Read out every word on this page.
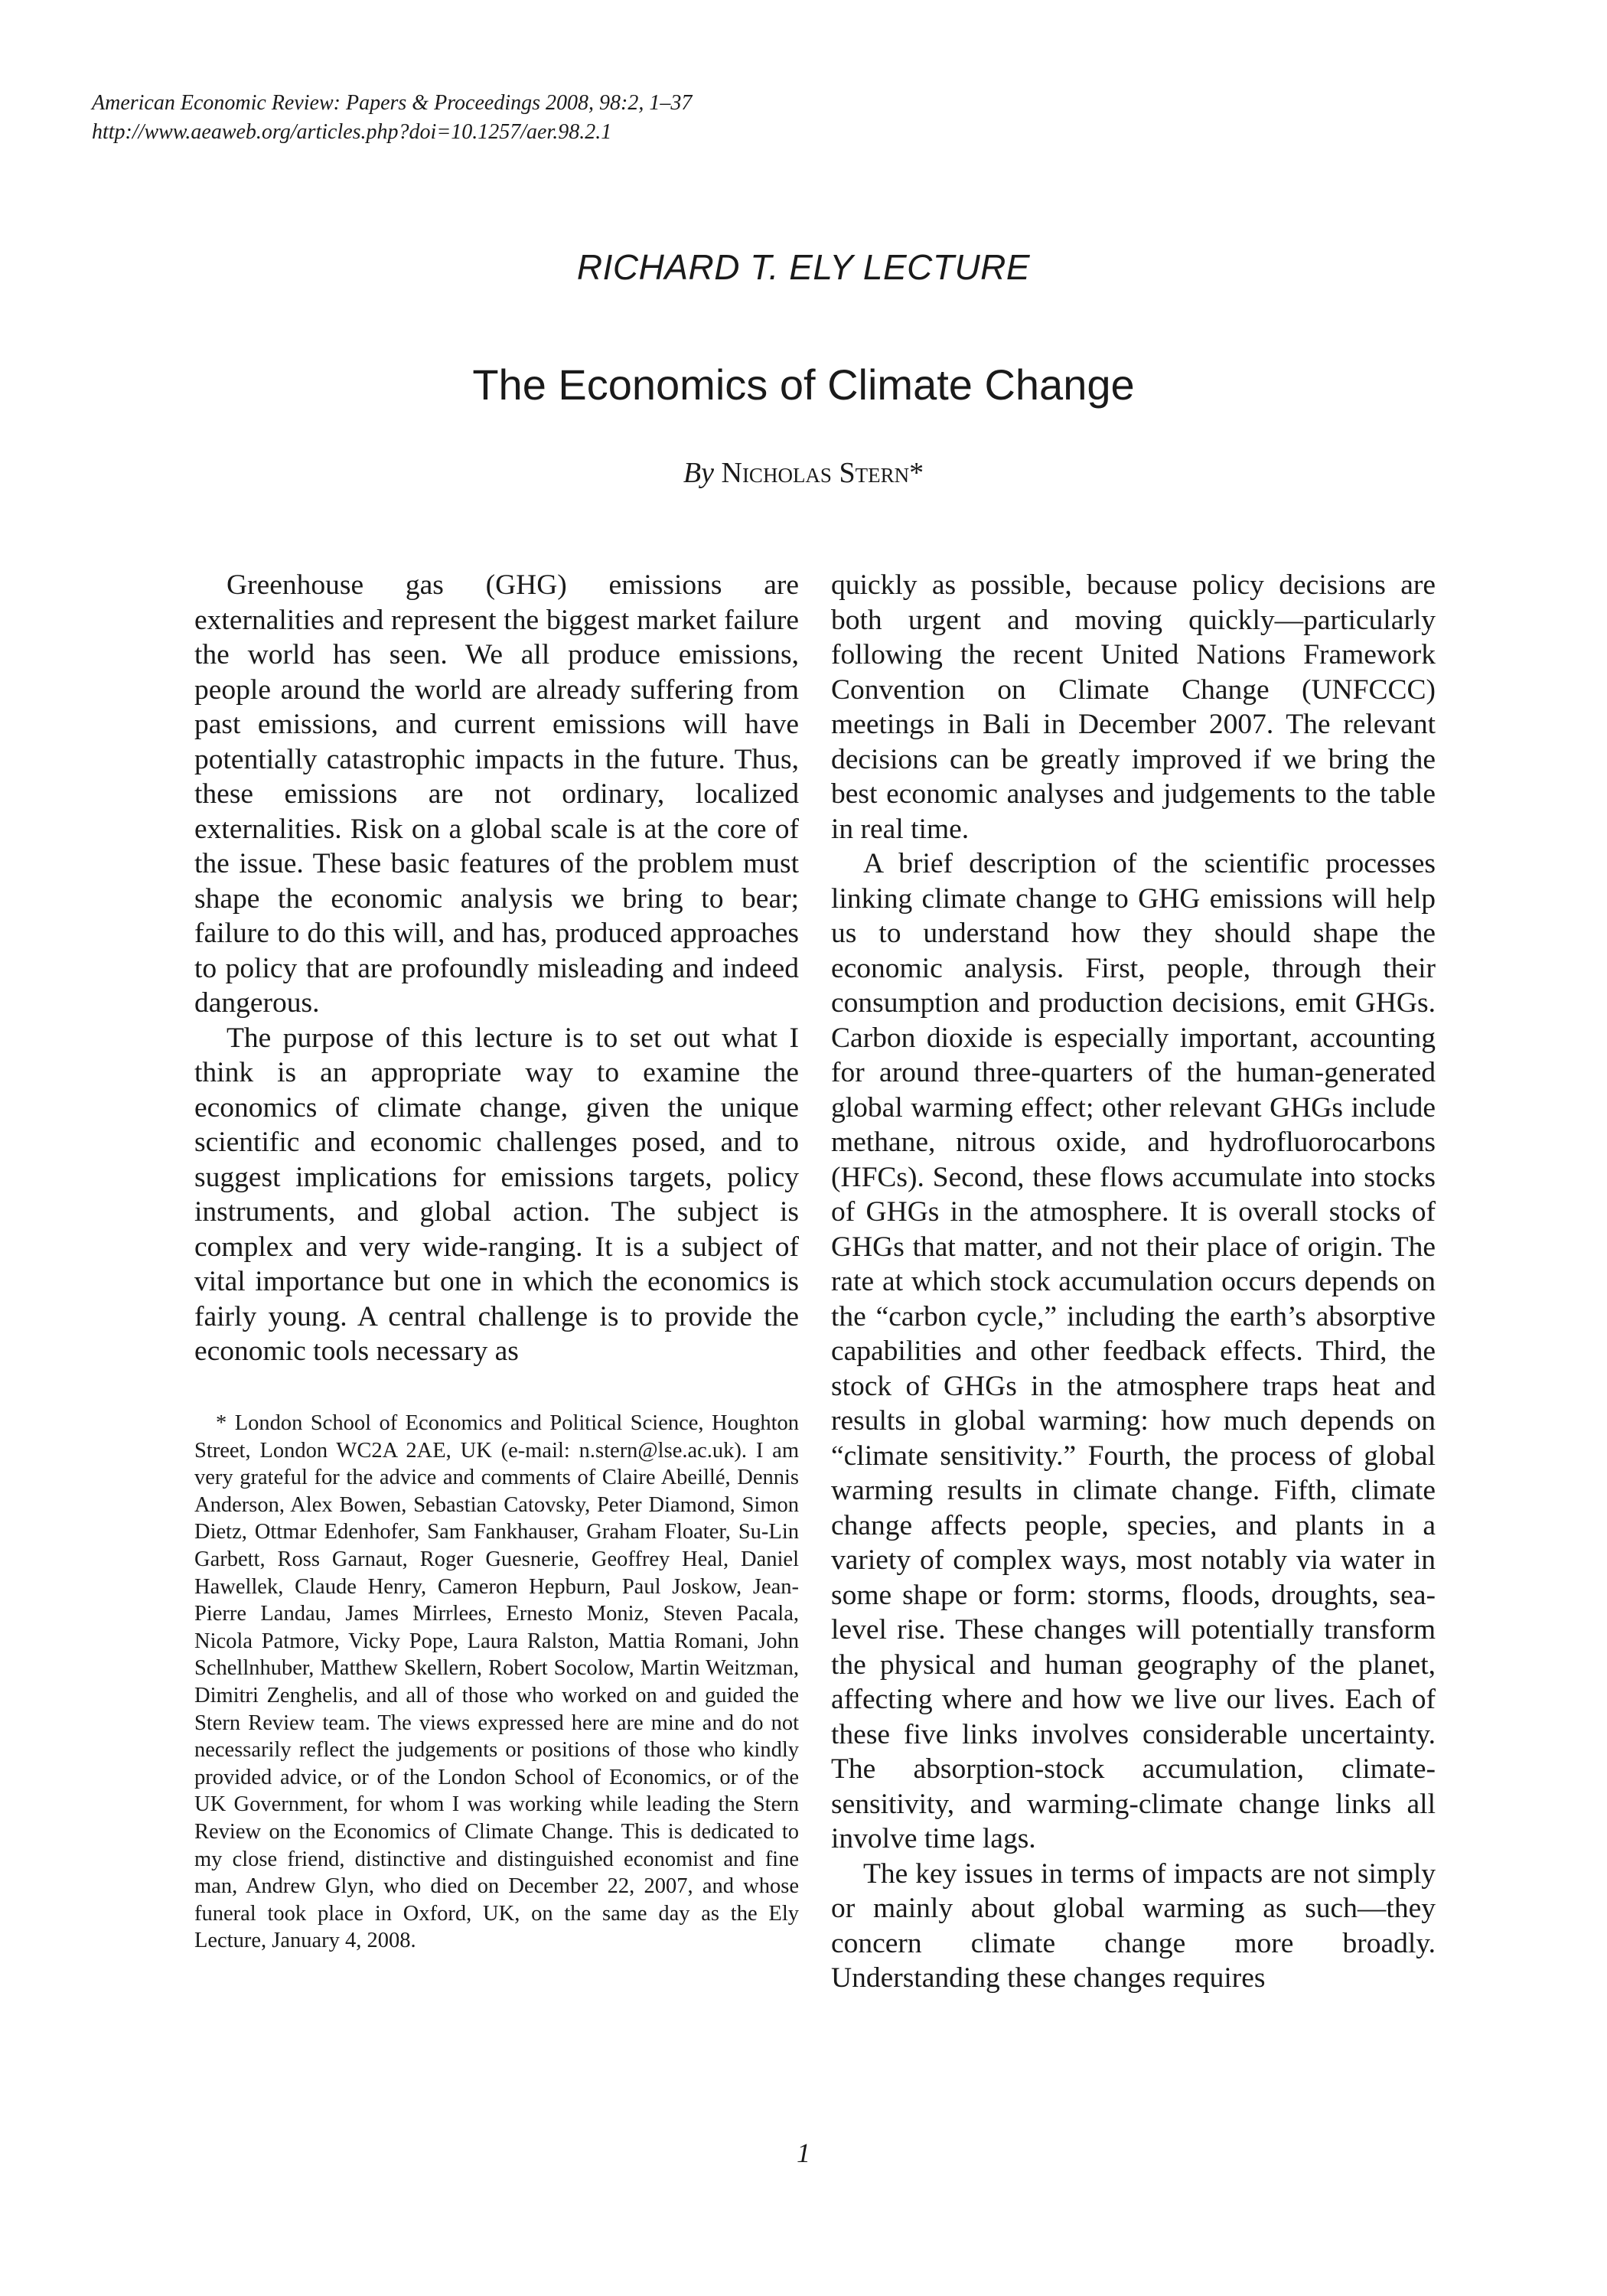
American Economic Review: Papers & Proceedings 2008, 98:2, 1–37
http://www.aeaweb.org/articles.php?doi=10.1257/aer.98.2.1
RICHARD T. ELY LECTURE
The Economics of Climate Change
By Nicholas Stern*

Greenhouse gas (GHG) emissions are externalities and represent the biggest market failure the world has seen. We all produce emissions, people around the world are already suffering from past emissions, and current emissions will have potentially catastrophic impacts in the future. Thus, these emissions are not ordinary, localized externalities. Risk on a global scale is at the core of the issue. These basic features of the problem must shape the economic analysis we bring to bear; failure to do this will, and has, produced approaches to policy that are profoundly misleading and indeed dangerous.

The purpose of this lecture is to set out what I think is an appropriate way to examine the economics of climate change, given the unique scientific and economic challenges posed, and to suggest implications for emissions targets, policy instruments, and global action. The subject is complex and very wide-ranging. It is a subject of vital importance but one in which the economics is fairly young. A central challenge is to provide the economic tools necessary as

* London School of Economics and Political Science, Houghton Street, London WC2A 2AE, UK (e-mail: n.stern@lse.ac.uk). I am very grateful for the advice and comments of Claire Abeillé, Dennis Anderson, Alex Bowen, Sebastian Catovsky, Peter Diamond, Simon Dietz, Ottmar Edenhofer, Sam Fankhauser, Graham Floater, Su-Lin Garbett, Ross Garnaut, Roger Guesnerie, Geoffrey Heal, Daniel Hawellek, Claude Henry, Cameron Hepburn, Paul Joskow, Jean-Pierre Landau, James Mirrlees, Ernesto Moniz, Steven Pacala, Nicola Patmore, Vicky Pope, Laura Ralston, Mattia Romani, John Schellnhuber, Matthew Skellern, Robert Socolow, Martin Weitzman, Dimitri Zenghelis, and all of those who worked on and guided the Stern Review team. The views expressed here are mine and do not necessarily reflect the judgements or positions of those who kindly provided advice, or of the London School of Economics, or of the UK Government, for whom I was working while leading the Stern Review on the Economics of Climate Change. This is dedicated to my close friend, distinctive and distinguished economist and fine man, Andrew Glyn, who died on December 22, 2007, and whose funeral took place in Oxford, UK, on the same day as the Ely Lecture, January 4, 2008.

quickly as possible, because policy decisions are both urgent and moving quickly—particularly following the recent United Nations Framework Convention on Climate Change (UNFCCC) meetings in Bali in December 2007. The relevant decisions can be greatly improved if we bring the best economic analyses and judgements to the table in real time.

A brief description of the scientific processes linking climate change to GHG emissions will help us to understand how they should shape the economic analysis. First, people, through their consumption and production decisions, emit GHGs. Carbon dioxide is especially important, accounting for around three-quarters of the human-generated global warming effect; other relevant GHGs include methane, nitrous oxide, and hydrofluorocarbons (HFCs). Second, these flows accumulate into stocks of GHGs in the atmosphere. It is overall stocks of GHGs that matter, and not their place of origin. The rate at which stock accumulation occurs depends on the “carbon cycle,” including the earth’s absorptive capabilities and other feedback effects. Third, the stock of GHGs in the atmosphere traps heat and results in global warming: how much depends on “climate sensitivity.” Fourth, the process of global warming results in climate change. Fifth, climate change affects people, species, and plants in a variety of complex ways, most notably via water in some shape or form: storms, floods, droughts, sea-level rise. These changes will potentially transform the physical and human geography of the planet, affecting where and how we live our lives. Each of these five links involves considerable uncertainty. The absorption-stock accumulation, climate-sensitivity, and warming-climate change links all involve time lags.

The key issues in terms of impacts are not simply or mainly about global warming as such—they concern climate change more broadly. Understanding these changes requires

1
